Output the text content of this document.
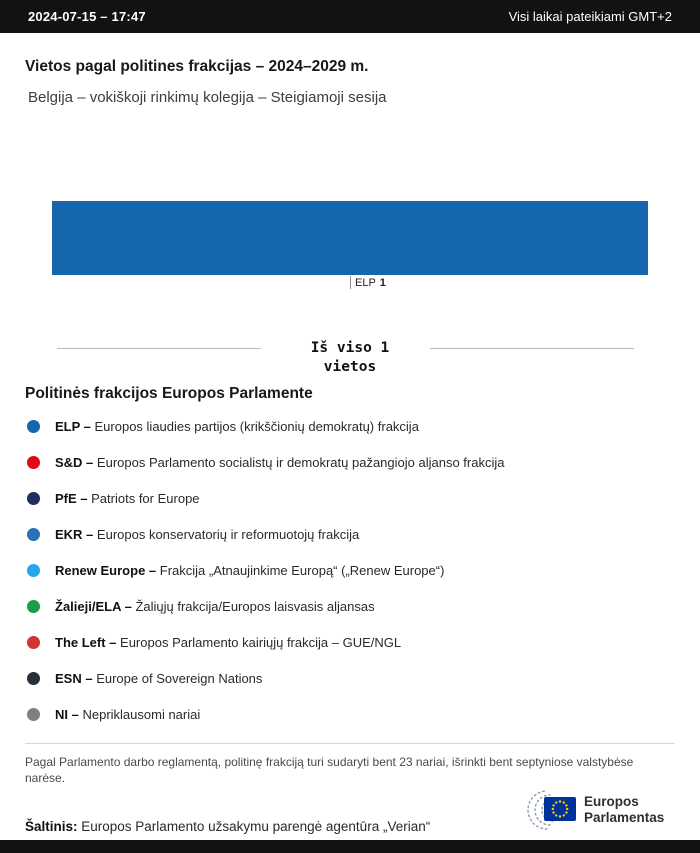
2024-07-15 – 17:47	Visi laikai pateikiami GMT+2
Vietos pagal politines frakcijas – 2024–2029 m.
Belgija – vokiškoji rinkimų kolegija – Steigiamoji sesija
ELP 1
Iš viso 1
vietos
Politinės frakcijos Europos Parlamente
ELP – Europos liaudies partijos (krikščionių demokratų) frakcija
S&D – Europos Parlamento socialistų ir demokratų pažangiojo aljanso frakcija
PfE – Patriots for Europe
EKR – Europos konservatorių ir reformuotojų frakcija
Renew Europe – Frakcija „Atnaujinkime Europą“ („Renew Europe“)
Žalieji/ELA – Žaliųjų frakcija/Europos laisvasis aljansas
The Left – Europos Parlamento kairiųjų frakcija – GUE/NGL
ESN – Europe of Sovereign Nations
NI – Nepriklausomi nariai
Pagal Parlamento darbo reglamentą, politinę frakciją turi sudaryti bent 23 nariai, išrinkti bent septyniose valstybėse narėse.
Šaltinis: Europos Parlamento užsakymu parengė agentūra „Verian“
Europos
Parlamentas
